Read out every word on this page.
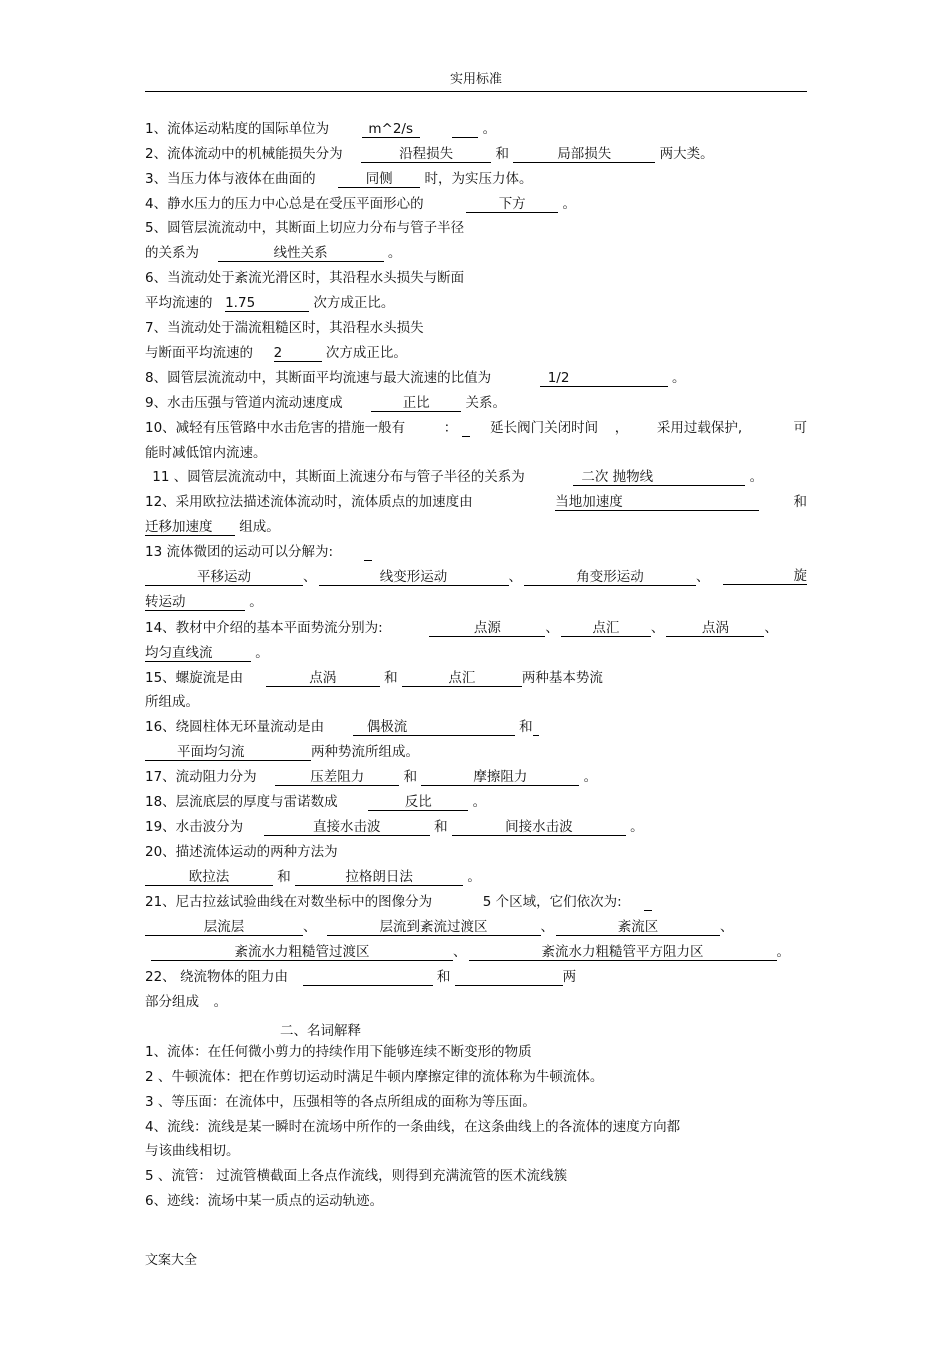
实用标准
1、流体运动粘度的国际单位为	m^2/s	。
2、流体流动中的机械能损失分为	沿程损失	和	局部损失	两大类。
3、当压力体与液体在曲面的	同侧 时，为实压力体。
4、静水压力的压力中心总是在受压平面形心的	下方	。
5、圆管层流流动中，其断面上切应力分布与管子半径
的关系为	线性关系	。
6、当流动处于紊流光滑区时，其沿程水头损失与断面
平均流速的 1.75	次方成正比。
7、当流动处于湍流粗糙区时，其沿程水头损失
与断面平均流速的 2	次方成正比。
8、圆管层流流动中，其断面平均流速与最大流速的比值为	1/2	。
9、水击压强与管道内流动速度成	正比	关系。
10、减轻有压管路中水击危害的措施一般有	： 延长阀门关闭时间 ， 采用过载保护,	可
能时减低馆内流速。
11 、圆管层流流动中，其断面上流速分布与管子半径的关系为	二次 抛物线	。
12、采用欧拉法描述流体流动时，流体质点的加速度由	当地加速度	和
迁移加速度 组成。
13 流体微团的运动可以分解为:
平移运动	、	线变形运动	、	角变形运动	、	旋
转运动	。
14、教材中介绍的基本平面势流分别为:	点源	、 点汇 、	点涡	、
均匀直线流	。
15、螺旋流是由	点涡	和	点汇	两种基本势流
所组成。
16、绕圆柱体无环量流动是由	偶极流	和
平面均匀流	两种势流所组成。
17、流动阻力分为	压差阻力	和	摩擦阻力	。
18、层流底层的厚度与雷诺数成	反比	。
19、水击波分为	直接水击波	和	间接水击波	。
20、描述流体运动的两种方法为
欧拉法	和	拉格朗日法	。
21、尼古拉兹试验曲线在对数坐标中的图像分为	5 个区域，它们依次为:
层流层	、	层流到紊流过渡区	、	紊流区	、
紊流水力粗糙管过渡区	、	紊流水力粗糙管平方阻力区	。
22、 绕流物体的阻力由	和	两
部分组成 。
二、名词解释
1、流体：在任何微小剪力的持续作用下能够连续不断变形的物质
2 、牛顿流体：把在作剪切运动时满足牛顿内摩擦定律的流体称为牛顿流体。
3 、等压面：在流体中，压强相等的各点所组成的面称为等压面。
4、流线：流线是某一瞬时在流场中所作的一条曲线，在这条曲线上的各流体的速度方向都
与该曲线相切。
5 、流管： 过流管横截面上各点作流线，则得到充满流管的医术流线簇
6、迹线：流场中某一质点的运动轨迹。
文案大全
